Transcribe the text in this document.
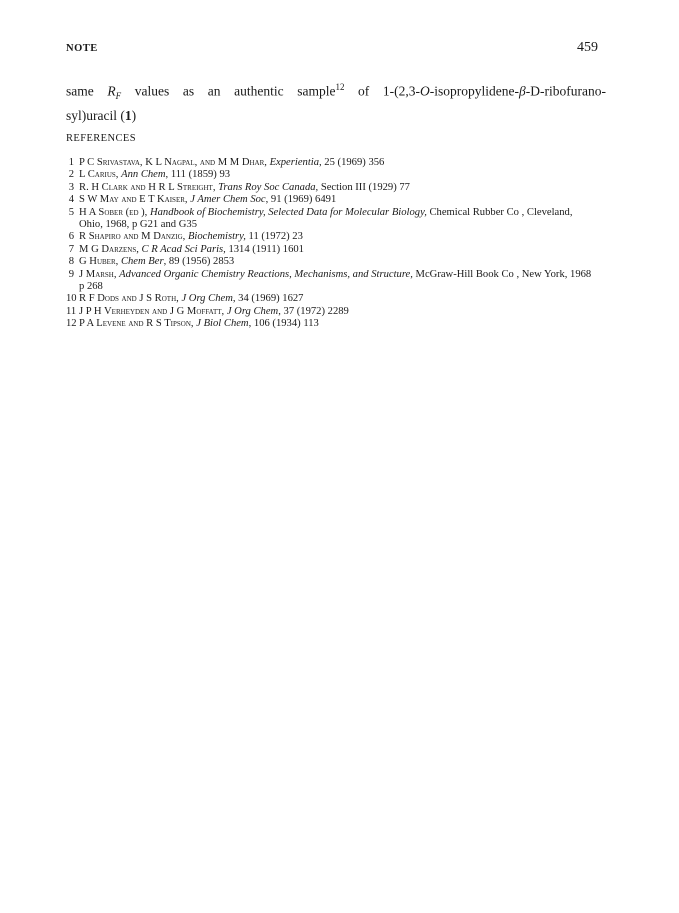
NOTE	459

same $R_F$ values as an authentic sample$^{12}$ of 1-(2,3-O-isopropylidene-β-D-ribofurano-
syl)uracil (1)

REFERENCES
1 P C Srivastava, K L Nagpal, and M M Dhar, Experientia, 25 (1969) 356
2 L Carius, Ann Chem, 111 (1859) 93
3 R. H Clark and H R L Streight, Trans Roy Soc Canada, Section III (1929) 77
4 S W May and E T Kaiser, J Amer Chem Soc, 91 (1969) 6491
5 H A Sober (ed ), Handbook of Biochemistry, Selected Data for Molecular Biology, Chemical Rubber Co , Cleveland, Ohio, 1968, p G21 and G35
6 R Shapiro and M Danzig, Biochemistry, 11 (1972) 23
7 M G Darzens, C R Acad Sci Paris, 1314 (1911) 1601
8 G Huber, Chem Ber, 89 (1956) 2853
9 J Marsh, Advanced Organic Chemistry Reactions, Mechanisms, and Structure, McGraw-Hill Book Co , New York, 1968 p 268
10 R F Dods and J S Roth, J Org Chem, 34 (1969) 1627
11 J P H Verheyden and J G Moffatt, J Org Chem, 37 (1972) 2289
12 P A Levene and R S Tipson, J Biol Chem, 106 (1934) 113
